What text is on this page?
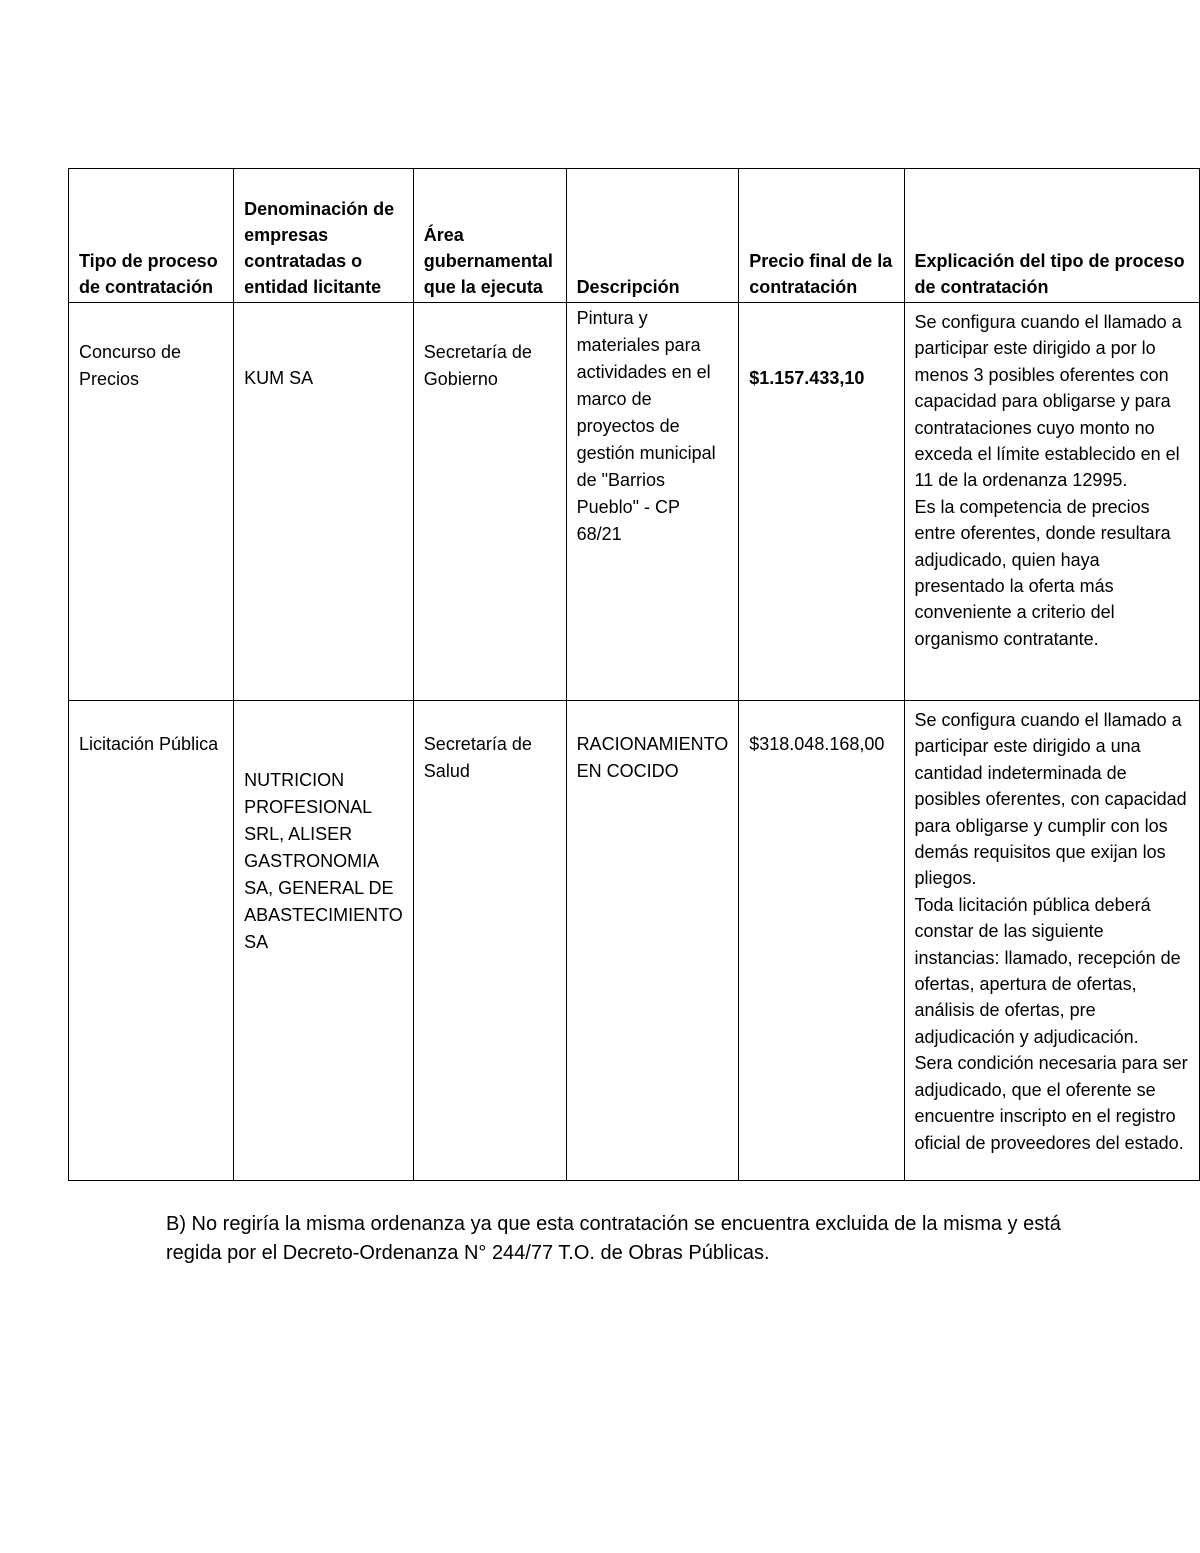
Tipo de proceso de contratación	Denominación de empresas contratadas o entidad licitante	Área gubernamental que la ejecuta	Descripción	Precio final de la contratación	Explicación del tipo de proceso de contratación
Concurso de Precios	KUM SA	Secretaría de Gobierno	Pintura y materiales para actividades en el marco de proyectos de gestión municipal de "Barrios Pueblo" - CP 68/21	$1.157.433,10	Se configura cuando el llamado a participar este dirigido a por lo menos 3 posibles oferentes con capacidad para obligarse y para contrataciones cuyo monto no exceda el límite establecido en el 11 de la ordenanza 12995.
Es la competencia de precios entre oferentes, donde resultara adjudicado, quien haya presentado la oferta más conveniente a criterio del organismo contratante.
Licitación Pública	NUTRICION PROFESIONAL SRL, ALISER GASTRONOMIA SA, GENERAL DE ABASTECIMIENTO SA	Secretaría de Salud	RACIONAMIENTO EN COCIDO	$318.048.168,00	Se configura cuando el llamado a participar este dirigido a una cantidad indeterminada de posibles oferentes, con capacidad para obligarse y cumplir con los demás requisitos que exijan los pliegos.
Toda licitación pública deberá constar de las siguiente instancias: llamado, recepción de ofertas, apertura de ofertas, análisis de ofertas, pre adjudicación y adjudicación.
Sera condición necesaria para ser adjudicado, que el oferente se encuentre inscripto en el registro oficial de proveedores del estado.
B) No regiría la misma ordenanza ya que esta contratación se encuentra excluida de la misma y está regida por el Decreto-Ordenanza N° 244/77 T.O. de Obras Públicas.
